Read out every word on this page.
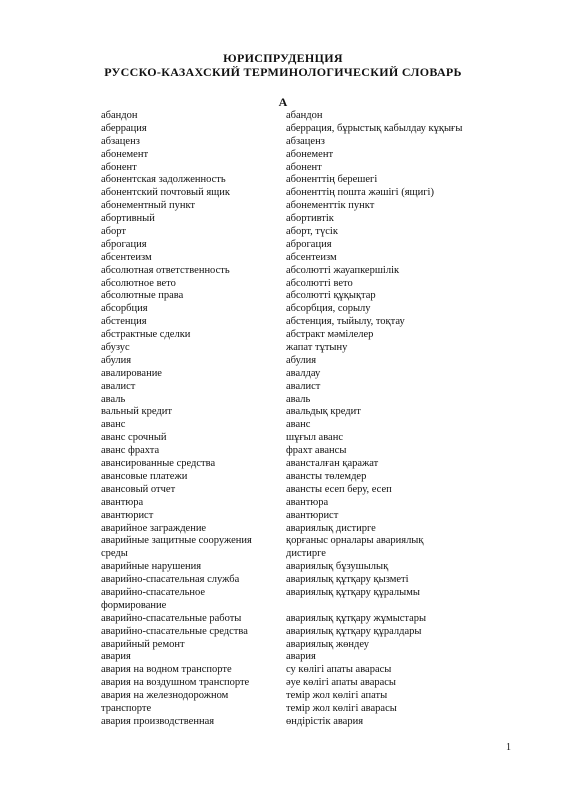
ЮРИСПРУДЕНЦИЯ
РУССКО-КАЗАХСКИЙ ТЕРМИНОЛОГИЧЕСКИЙ СЛОВАРЬ
А
абандон	абандон
аберрация	аберрация, бұрыстық кабылдау кұқығы
абзаценз	абзаценз
абонемент	абонемент
абонент	абонент
абонентская задолженность	абоненттің берешегі
абонентский почтовый ящик	абоненттің пошта жәшігі (ящигі)
абонементный пункт	абонементтік пункт
абортивный	абортивтік
аборт	аборт, түсік
аброгация	аброгация
абсентеизм	абсентеизм
абсолютная ответственность	абсолютті жауапкершілік
абсолютное вето	абсолютті вето
абсолютные права	абсолютті құқықтар
абсорбция	абсорбция, сорылу
абстенция	абстенция, тыйылу, тоқтау
абстрактные сделки	абстракт мәмілелер
абузус	жапат тұтыну
абулия	абулия
авалирование	авалдау
авалист	авалист
аваль	аваль
вальный кредит	авальдық кредит
аванс	аванс
аванс срочный	шұғыл аванс
аванс фрахта	фрахт авансы
авансированные средства	авансталған қаражат
авансовые платежи	авансты төлемдер
авансовый отчет	авансты есеп беру, есеп
авантюра	авантюра
авантюрист	авантюрист
аварийное заграждение	авариялық дистирге
аварийные защитные сооружения	қорғаныс орналары авариялық
среды	дистирге
аварийные нарушения	авариялық бұзушылық
аварийно-спасательная служба	авариялық құтқару қызметі
аварийно-спасательное	авариялық құтқару құралымы
формирование
аварийно-спасательные работы	авариялық құтқару жұмыстары
аварийно-спасательные средства	авариялық құтқару құралдары
аварийный ремонт	авариялық жөндеу
авария	авария
авария на водном транспорте	су көлігі апаты аварасы
авария на воздушном транспорте	әуе көлігі апаты аварасы
авария на железнодорожном	темір жол көлігі апаты
транспорте	темір жол көлігі аварасы
авария производственная	өндірістік авария
1
